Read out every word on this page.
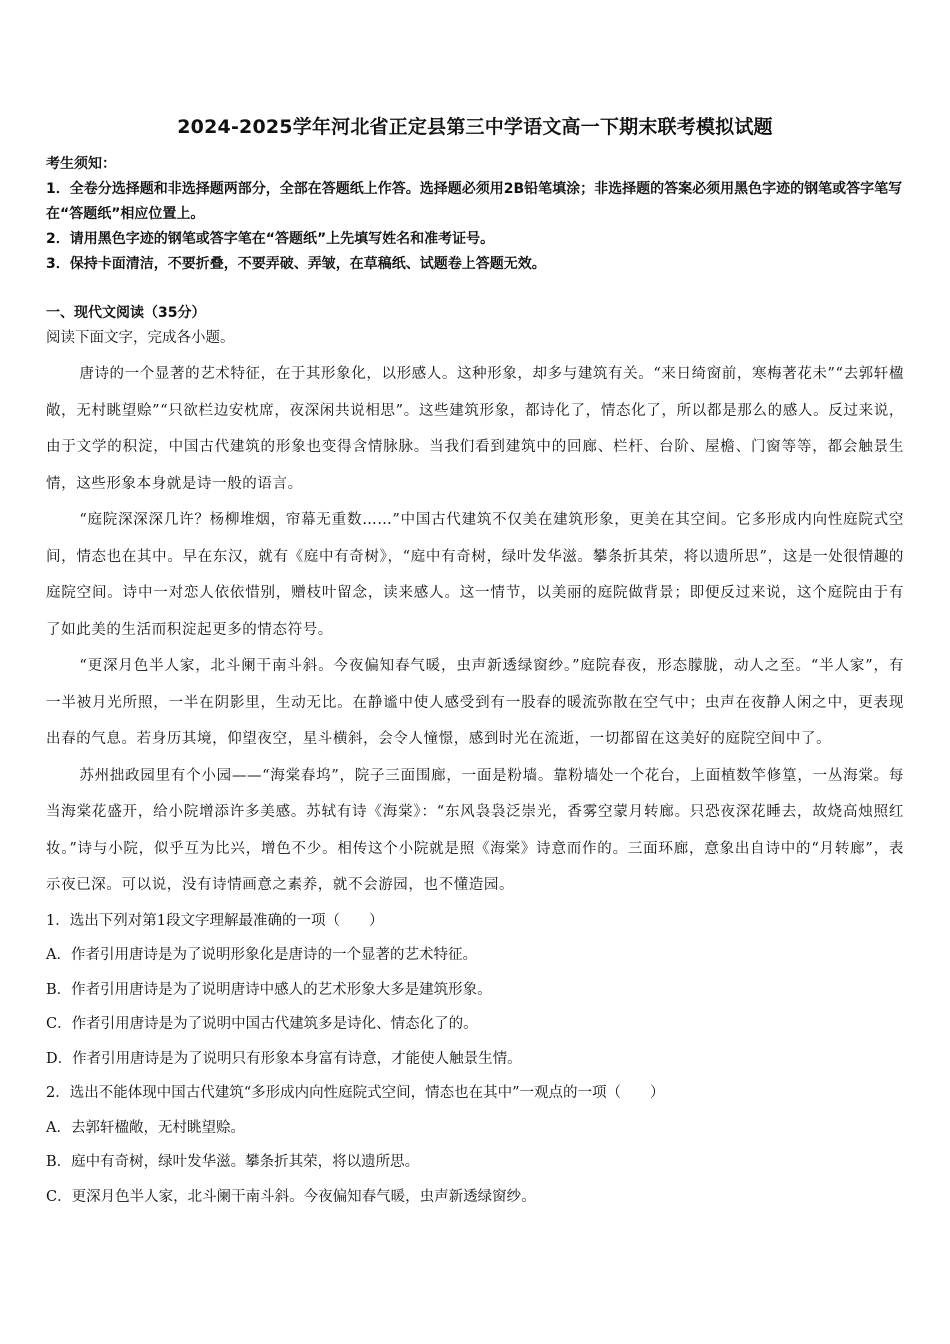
2024-2025学年河北省正定县第三中学语文高一下期末联考模拟试题

考生须知：

1．全卷分选择题和非选择题两部分，全部在答题纸上作答。选择题必须用2B铅笔填涂；非选择题的答案必须用黑色字迹的钢笔或答字笔写在“答题纸”相应位置上。

2．请用黑色字迹的钢笔或答字笔在“答题纸”上先填写姓名和准考证号。

3．保持卡面清洁，不要折叠，不要弄破、弄皱，在草稿纸、试题卷上答题无效。

一、现代文阅读（35分）
阅读下面文字，完成各小题。

唐诗的一个显著的艺术特征，在于其形象化，以形感人。这种形象，却多与建筑有关。“来日绮窗前，寒梅著花未”“去郭轩楹敞，无村眺望赊”“只欲栏边安枕席，夜深闲共说相思”。这些建筑形象，都诗化了，情态化了，所以都是那么的感人。反过来说，由于文学的积淀，中国古代建筑的形象也变得含情脉脉。当我们看到建筑中的回廊、栏杆、台阶、屋檐、门窗等等，都会触景生情，这些形象本身就是诗一般的语言。

“庭院深深深几许？杨柳堆烟，帘幕无重数……”中国古代建筑不仅美在建筑形象，更美在其空间。它多形成内向性庭院式空间，情态也在其中。早在东汉，就有《庭中有奇树》，“庭中有奇树，绿叶发华滋。攀条折其荣，将以遗所思”，这是一处很情趣的庭院空间。诗中一对恋人依依惜别，赠枝叶留念，读来感人。这一情节，以美丽的庭院做背景；即便反过来说，这个庭院由于有了如此美的生活而积淀起更多的情态符号。

“更深月色半人家，北斗阑干南斗斜。今夜偏知春气暖，虫声新透绿窗纱。”庭院春夜，形态朦胧，动人之至。“半人家”，有一半被月光所照，一半在阴影里，生动无比。在静谧中使人感受到有一股春的暖流弥散在空气中；虫声在夜静人闲之中，更表现出春的气息。若身历其境，仰望夜空，星斗横斜，会令人憧憬，感到时光在流逝，一切都留在这美好的庭院空间中了。

苏州拙政园里有个小园——“海棠春坞”，院子三面围廊，一面是粉墙。靠粉墙处一个花台，上面植数竿修篁，一丛海棠。每当海棠花盛开，给小院增添许多美感。苏轼有诗《海棠》：“东风袅袅泛崇光，香雾空蒙月转廊。只恐夜深花睡去，故烧高烛照红妆。”诗与小院，似乎互为比兴，增色不少。相传这个小院就是照《海棠》诗意而作的。三面环廊，意象出自诗中的“月转廊”，表示夜已深。可以说，没有诗情画意之素养，就不会游园，也不懂造园。

1．选出下列对第1段文字理解最准确的一项（　　）

A．作者引用唐诗是为了说明形象化是唐诗的一个显著的艺术特征。

B．作者引用唐诗是为了说明唐诗中感人的艺术形象大多是建筑形象。

C．作者引用唐诗是为了说明中国古代建筑多是诗化、情态化了的。

D．作者引用唐诗是为了说明只有形象本身富有诗意，才能使人触景生情。

2．选出不能体现中国古代建筑“多形成内向性庭院式空间，情态也在其中”一观点的一项（　　）

A．去郭轩楹敞，无村眺望赊。

B．庭中有奇树，绿叶发华滋。攀条折其荣，将以遗所思。

C．更深月色半人家，北斗阑干南斗斜。今夜偏知春气暖，虫声新透绿窗纱。
